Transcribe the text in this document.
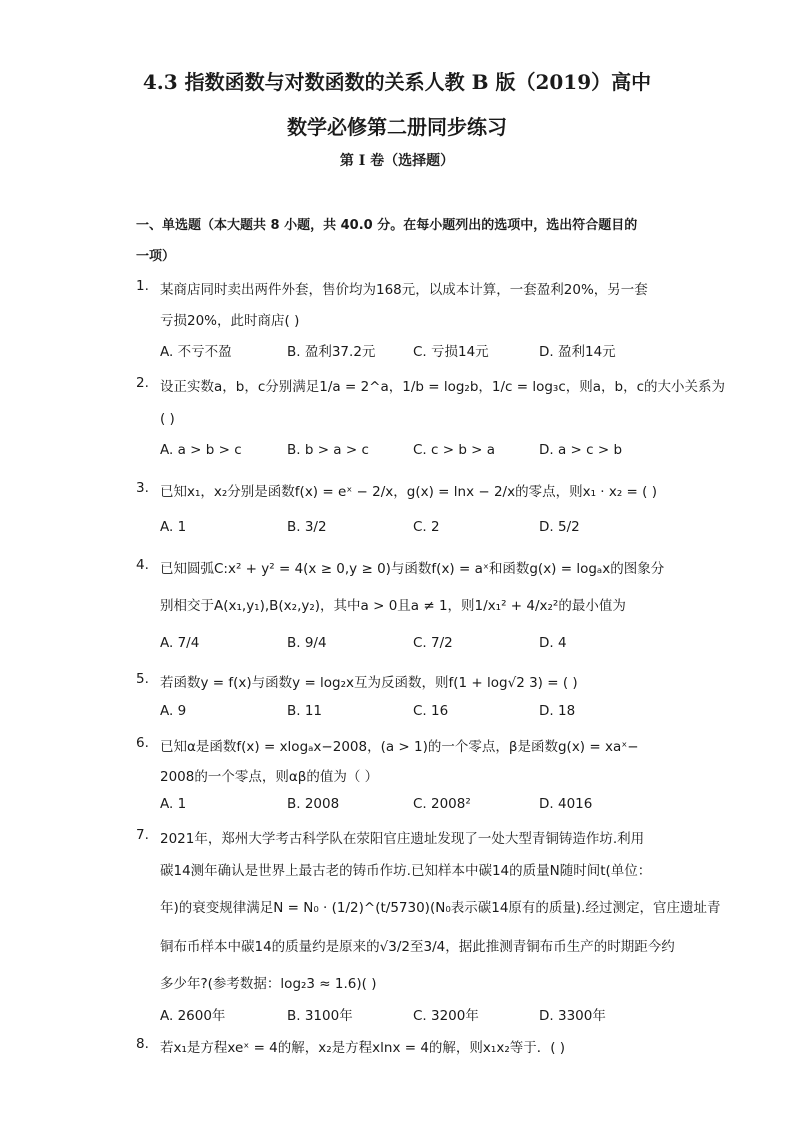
4.3 指数函数与对数函数的关系人教 B 版（2019）高中
数学必修第二册同步练习
第 I 卷（选择题）
一、单选题（本大题共 8 小题，共 40.0 分。在每小题列出的选项中，选出符合题目的
一项）
1. 某商店同时卖出两件外套，售价均为168元，以成本计算，一套盈利20%，另一套
亏损20%，此时商店( )
A. 不亏不盈	B. 盈利37.2元	C. 亏损14元	D. 盈利14元
2. 设正实数a，b，c分别满足1/a = 2^a，1/b = log₂b，1/c = log₃c，则a，b，c的大小关系为
( )
A. a > b > c	B. b > a > c	C. c > b > a	D. a > c > b
3. 已知x₁，x₂分别是函数f(x) = eˣ − 2/x，g(x) = lnx − 2/x的零点，则x₁ · x₂ = ( )
A. 1	B. 3/2	C. 2	D. 5/2
4. 已知圆弧C:x² + y² = 4(x ≥ 0,y ≥ 0)与函数f(x) = aˣ和函数g(x) = logₐx的图象分
别相交于A(x₁,y₁),B(x₂,y₂)，其中a > 0且a ≠ 1，则1/x₁² + 4/x₂²的最小值为
A. 7/4	B. 9/4	C. 7/2	D. 4
5. 若函数y = f(x)与函数y = log₂x互为反函数，则f(1 + log√2 3) = ( )
A. 9	B. 11	C. 16	D. 18
6. 已知α是函数f(x) = xlogₐx−2008，(a > 1)的一个零点，β是函数g(x) = xaˣ−
2008的一个零点，则αβ的值为（ ）
A. 1	B. 2008	C. 2008²	D. 4016
7. 2021年，郑州大学考古科学队在荥阳官庄遗址发现了一处大型青铜铸造作坊.利用
碳14测年确认是世界上最古老的铸币作坊.已知样本中碳14的质量N随时间t(单位：
年)的衰变规律满足N = N₀ · (1/2)^(t/5730)(N₀表示碳14原有的质量).经过测定，官庄遗址青
铜布币样本中碳14的质量约是原来的√3/2至3/4，据此推测青铜布币生产的时期距今约
多少年?(参考数据：log₂3 ≈ 1.6)( )
A. 2600年	B. 3100年	C. 3200年	D. 3300年
8. 若x₁是方程xeˣ = 4的解，x₂是方程xlnx = 4的解，则x₁x₂等于．( )
